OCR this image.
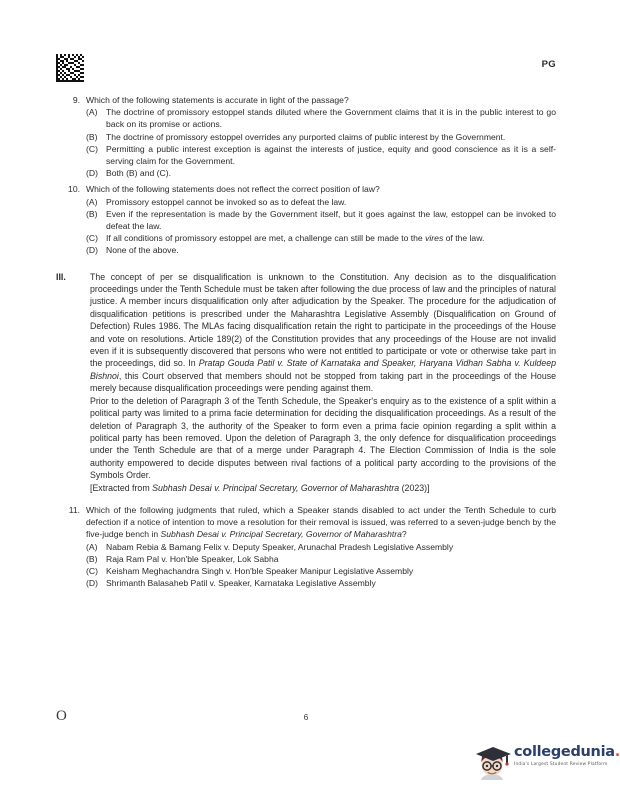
PG
9. Which of the following statements is accurate in light of the passage?
(A) The doctrine of promissory estoppel stands diluted where the Government claims that it is in the public interest to go back on its promise or actions.
(B) The doctrine of promissory estoppel overrides any purported claims of public interest by the Government.
(C) Permitting a public interest exception is against the interests of justice, equity and good conscience as it is a self-serving claim for the Government.
(D) Both (B) and (C).
10. Which of the following statements does not reflect the correct position of law?
(A) Promissory estoppel cannot be invoked so as to defeat the law.
(B) Even if the representation is made by the Government itself, but it goes against the law, estoppel can be invoked to defeat the law.
(C) If all conditions of promissory estoppel are met, a challenge can still be made to the vires of the law.
(D) None of the above.
III.	The concept of per se disqualification is unknown to the Constitution. Any decision as to the disqualification proceedings under the Tenth Schedule must be taken after following the due process of law and the principles of natural justice. A member incurs disqualification only after adjudication by the Speaker. The procedure for the adjudication of disqualification petitions is prescribed under the Maharashtra Legislative Assembly (Disqualification on Ground of Defection) Rules 1986. The MLAs facing disqualification retain the right to participate in the proceedings of the House and vote on resolutions. Article 189(2) of the Constitution provides that any proceedings of the House are not invalid even if it is subsequently discovered that persons who were not entitled to participate or vote or otherwise take part in the proceedings, did so. In Pratap Gouda Patil v. State of Karnataka and Speaker, Haryana Vidhan Sabha v. Kuldeep Bishnoi, this Court observed that members should not be stopped from taking part in the proceedings of the House merely because disqualification proceedings were pending against them.

Prior to the deletion of Paragraph 3 of the Tenth Schedule, the Speaker's enquiry as to the existence of a split within a political party was limited to a prima facie determination for deciding the disqualification proceedings. As a result of the deletion of Paragraph 3, the authority of the Speaker to form even a prima facie opinion regarding a split within a political party has been removed. Upon the deletion of Paragraph 3, the only defence for disqualification proceedings under the Tenth Schedule are that of a merge under Paragraph 4. The Election Commission of India is the sole authority empowered to decide disputes between rival factions of a political party according to the provisions of the Symbols Order.

[Extracted from Subhash Desai v. Principal Secretary, Governor of Maharashtra (2023)]

11. Which of the following judgments that ruled, which a Speaker stands disabled to act under the Tenth Schedule to curb defection if a notice of intention to move a resolution for their removal is issued, was referred to a seven-judge bench by the five-judge bench in Subhash Desai v. Principal Secretary, Governor of Maharashtra?
(A) Nabam Rebia & Bamang Felix v. Deputy Speaker, Arunachal Pradesh Legislative Assembly
(B) Raja Ram Pal v. Hon'ble Speaker, Lok Sabha
(C) Keisham Meghachandra Singh v. Hon'ble Speaker Manipur Legislative Assembly
(D) Shrimanth Balasaheb Patil v. Speaker, Karnataka Legislative Assembly
O	6
collegedunia.
India's Largest Student Review Platform
